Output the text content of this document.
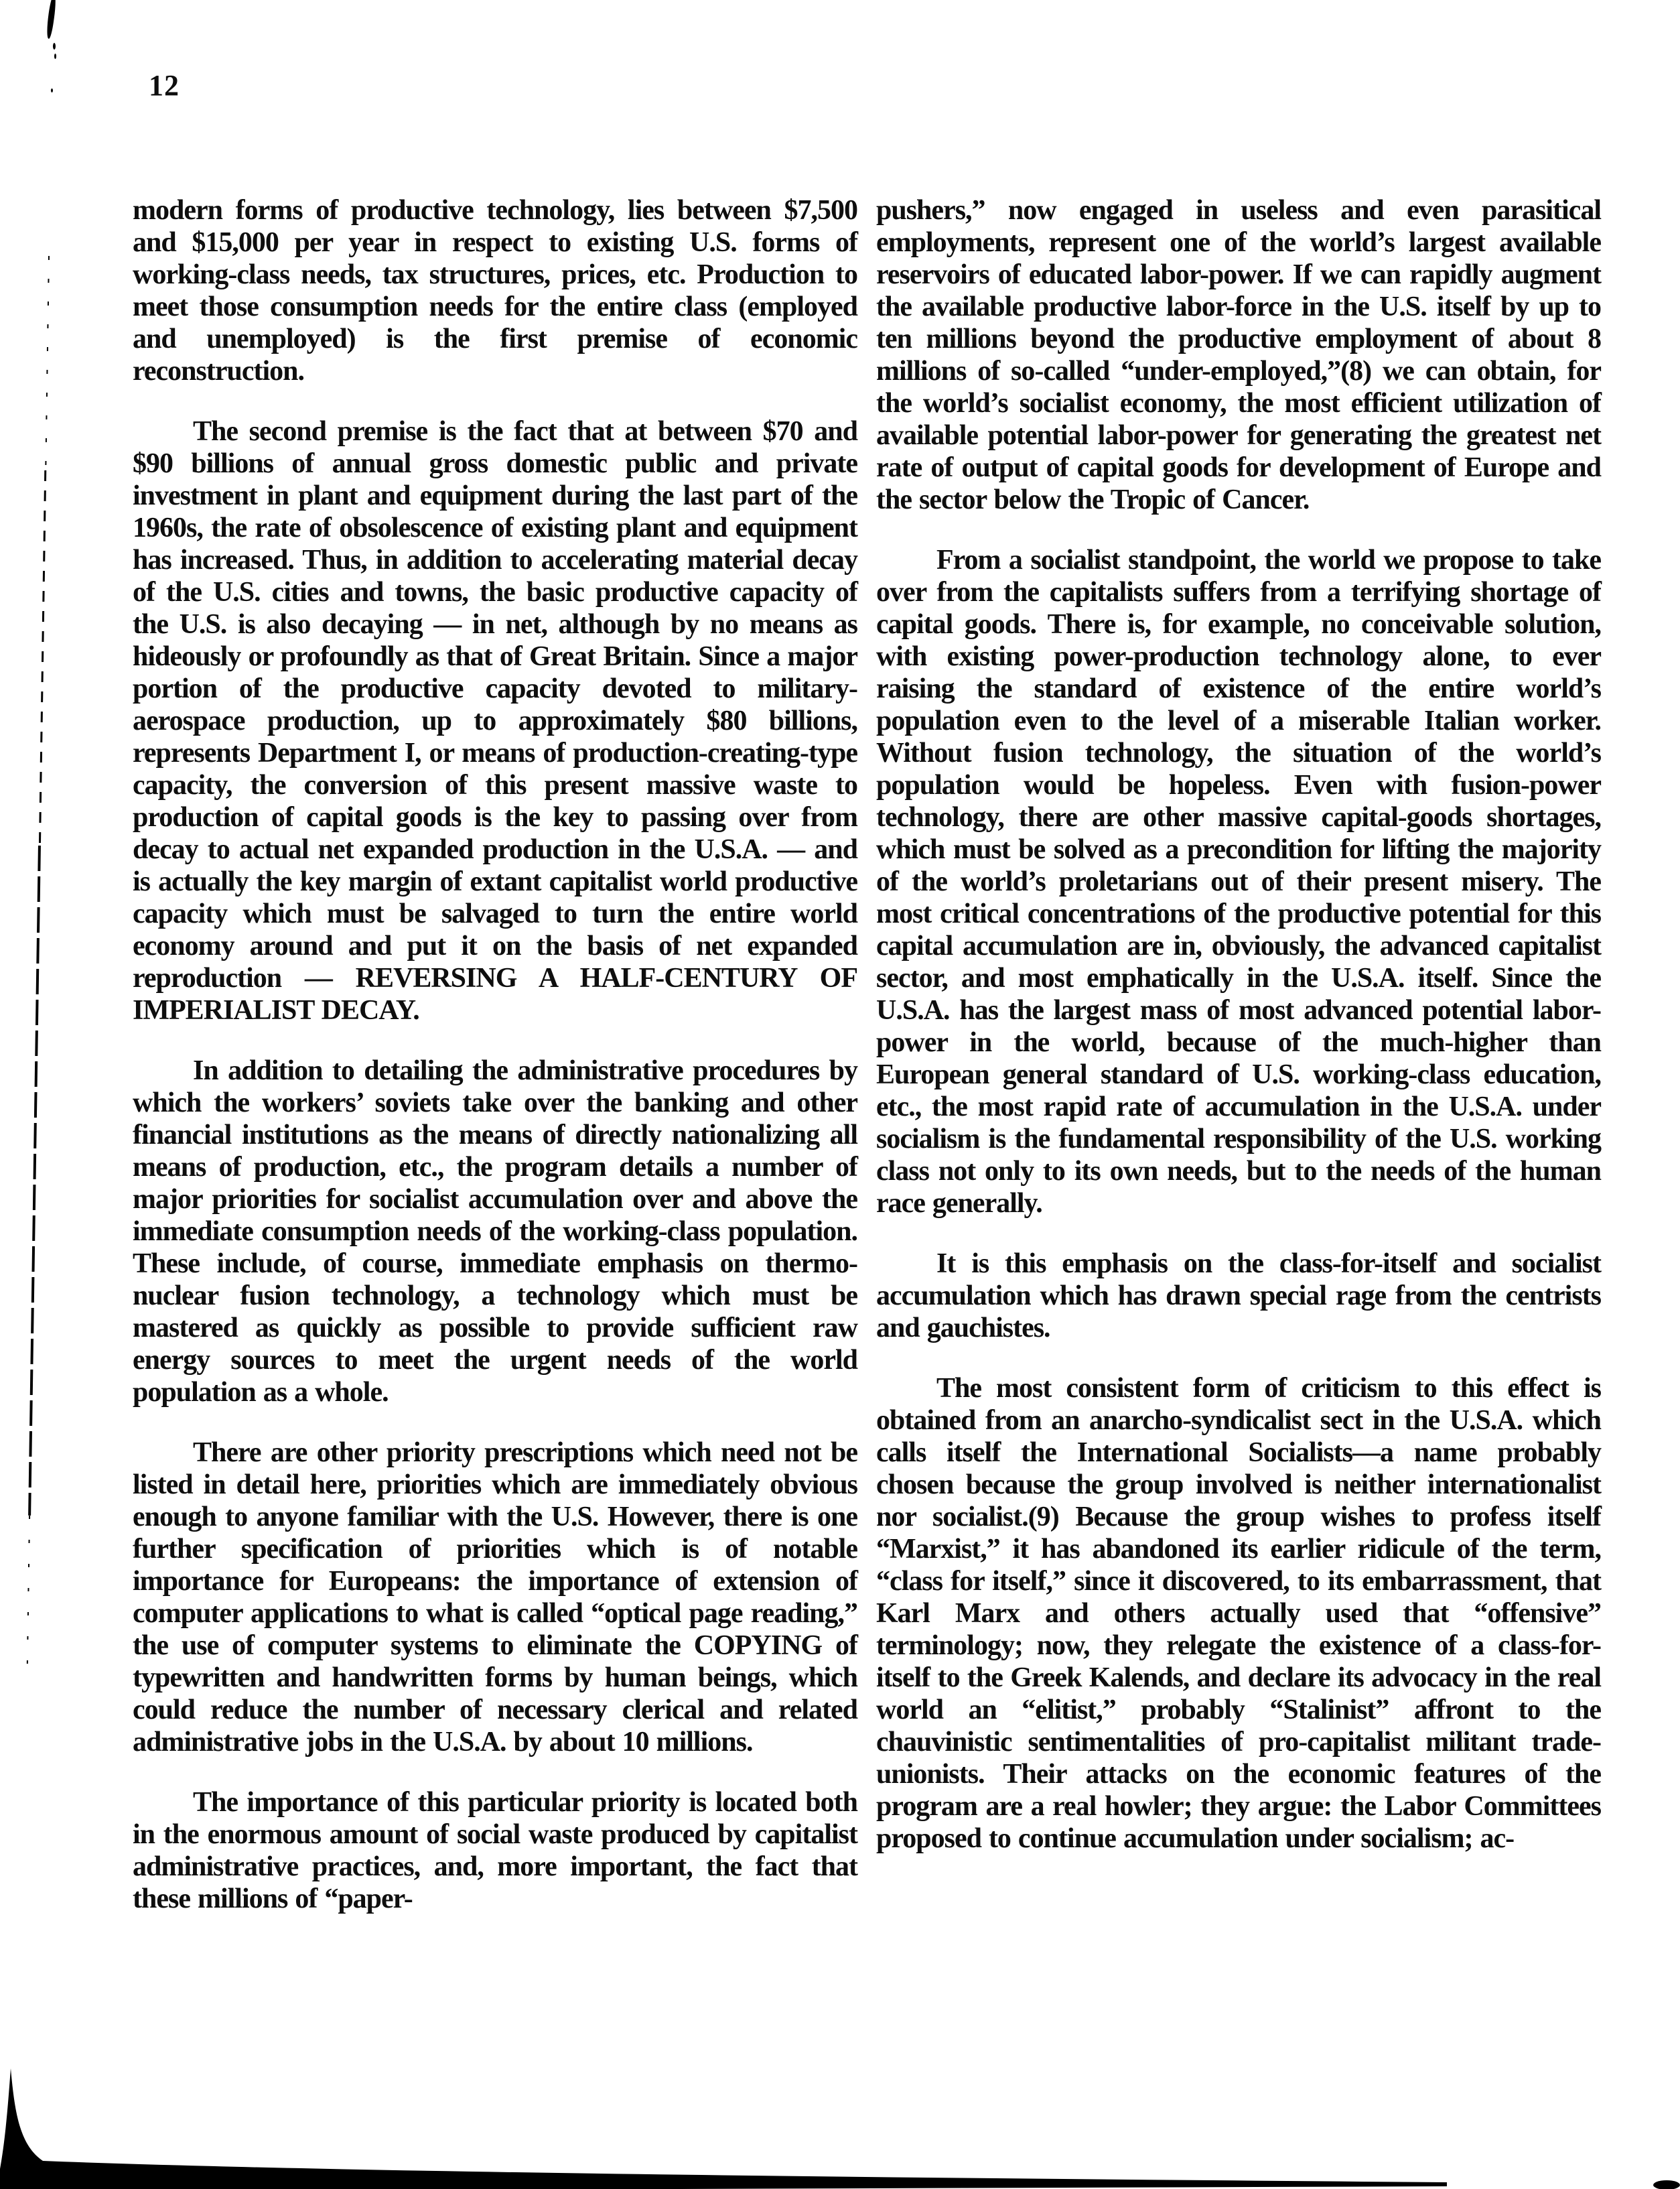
12

modern forms of productive technology, lies between $7,500 and $15,000 per year in respect to existing U.S. forms of working-class needs, tax structures, prices, etc. Production to meet those consumption needs for the entire class (employed and unemployed) is the first premise of economic reconstruction.

The second premise is the fact that at between $70 and $90 billions of annual gross domestic public and private investment in plant and equipment during the last part of the 1960s, the rate of obsolescence of existing plant and equipment has increased. Thus, in addition to accelerating material decay of the U.S. cities and towns, the basic productive capacity of the U.S. is also decaying — in net, although by no means as hideously or profoundly as that of Great Britain. Since a major portion of the productive capacity devoted to military-aerospace production, up to approximately $80 billions, represents Department I, or means of production-creating-type capacity, the conversion of this present massive waste to production of capital goods is the key to passing over from decay to actual net expanded production in the U.S.A. — and is actually the key margin of extant capitalist world productive capacity which must be salvaged to turn the entire world economy around and put it on the basis of net expanded reproduction — REVERSING A HALF-CENTURY OF IMPERIALIST DECAY.

In addition to detailing the administrative procedures by which the workers’ soviets take over the banking and other financial institutions as the means of directly nationalizing all means of production, etc., the program details a number of major priorities for socialist accumulation over and above the immediate consumption needs of the working-class population. These include, of course, immediate emphasis on thermo-nuclear fusion technology, a technology which must be mastered as quickly as possible to provide sufficient raw energy sources to meet the urgent needs of the world population as a whole.

There are other priority prescriptions which need not be listed in detail here, priorities which are immediately obvious enough to anyone familiar with the U.S. However, there is one further specification of priorities which is of notable importance for Europeans: the importance of extension of computer applications to what is called “optical page reading,” the use of computer systems to eliminate the COPYING of typewritten and handwritten forms by human beings, which could reduce the number of necessary clerical and related administrative jobs in the U.S.A. by about 10 millions.

The importance of this particular priority is located both in the enormous amount of social waste produced by capitalist administrative practices, and, more important, the fact that these millions of “paper-

pushers,” now engaged in useless and even parasitical employments, represent one of the world’s largest available reservoirs of educated labor-power. If we can rapidly augment the available productive labor-force in the U.S. itself by up to ten millions beyond the productive employment of about 8 millions of so-called “under-employed,”(8) we can obtain, for the world’s socialist economy, the most efficient utilization of available potential labor-power for generating the greatest net rate of output of capital goods for development of Europe and the sector below the Tropic of Cancer.

From a socialist standpoint, the world we propose to take over from the capitalists suffers from a terrifying shortage of capital goods. There is, for example, no conceivable solution, with existing power-production technology alone, to ever raising the standard of existence of the entire world’s population even to the level of a miserable Italian worker. Without fusion technology, the situation of the world’s population would be hopeless. Even with fusion-power technology, there are other massive capital-goods shortages, which must be solved as a precondition for lifting the majority of the world’s proletarians out of their present misery. The most critical concentrations of the productive potential for this capital accumulation are in, obviously, the advanced capitalist sector, and most emphatically in the U.S.A. itself. Since the U.S.A. has the largest mass of most advanced potential labor-power in the world, because of the much-higher than European general standard of U.S. working-class education, etc., the most rapid rate of accumulation in the U.S.A. under socialism is the fundamental responsibility of the U.S. working class not only to its own needs, but to the needs of the human race generally.

It is this emphasis on the class-for-itself and socialist accumulation which has drawn special rage from the centrists and gauchistes.

The most consistent form of criticism to this effect is obtained from an anarcho-syndicalist sect in the U.S.A. which calls itself the International Socialists—a name probably chosen because the group involved is neither internationalist nor socialist.(9) Because the group wishes to profess itself “Marxist,” it has abandoned its earlier ridicule of the term, “class for itself,” since it discovered, to its embarrassment, that Karl Marx and others actually used that “offensive” terminology; now, they relegate the existence of a class-for-itself to the Greek Kalends, and declare its advocacy in the real world an “elitist,” probably “Stalinist” affront to the chauvinistic sentimentalities of pro-capitalist militant trade-unionists. Their attacks on the economic features of the program are a real howler; they argue: the Labor Committees proposed to continue accumulation under socialism; ac-
